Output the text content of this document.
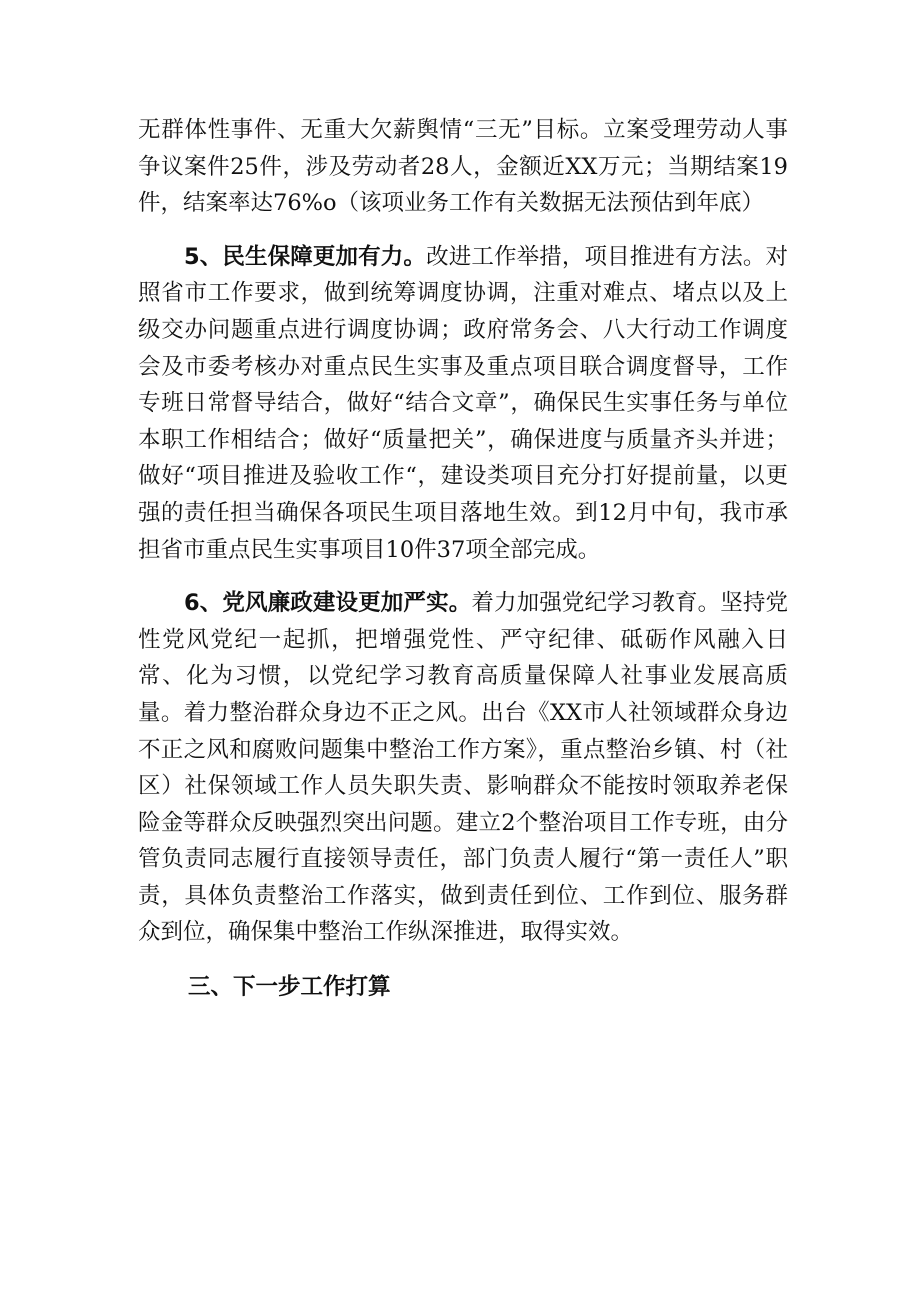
无群体性事件、无重大欠薪舆情“三无”目标。立案受理劳动人事争议案件25件，涉及劳动者28人，金额近XX万元；当期结案19件，结案率达76%o（该项业务工作有关数据无法预估到年底）

5、民生保障更加有力。改进工作举措，项目推进有方法。对照省市工作要求，做到统筹调度协调，注重对难点、堵点以及上级交办问题重点进行调度协调；政府常务会、八大行动工作调度会及市委考核办对重点民生实事及重点项目联合调度督导，工作专班日常督导结合，做好“结合文章”，确保民生实事任务与单位本职工作相结合；做好“质量把关”，确保进度与质量齐头并进；做好“项目推进及验收工作“，建设类项目充分打好提前量，以更强的责任担当确保各项民生项目落地生效。到12月中旬，我市承担省市重点民生实事项目10件37项全部完成。

6、党风廉政建设更加严实。着力加强党纪学习教育。坚持党性党风党纪一起抓，把增强党性、严守纪律、砥砺作风融入日常、化为习惯，以党纪学习教育高质量保障人社事业发展高质量。着力整治群众身边不正之风。出台《XX市人社领域群众身边不正之风和腐败问题集中整治工作方案》，重点整治乡镇、村（社区）社保领域工作人员失职失责、影响群众不能按时领取养老保险金等群众反映强烈突出问题。建立2个整治项目工作专班，由分管负责同志履行直接领导责任，部门负责人履行“第一责任人”职责，具体负责整治工作落实，做到责任到位、工作到位、服务群众到位，确保集中整治工作纵深推进，取得实效。

三、下一步工作打算
